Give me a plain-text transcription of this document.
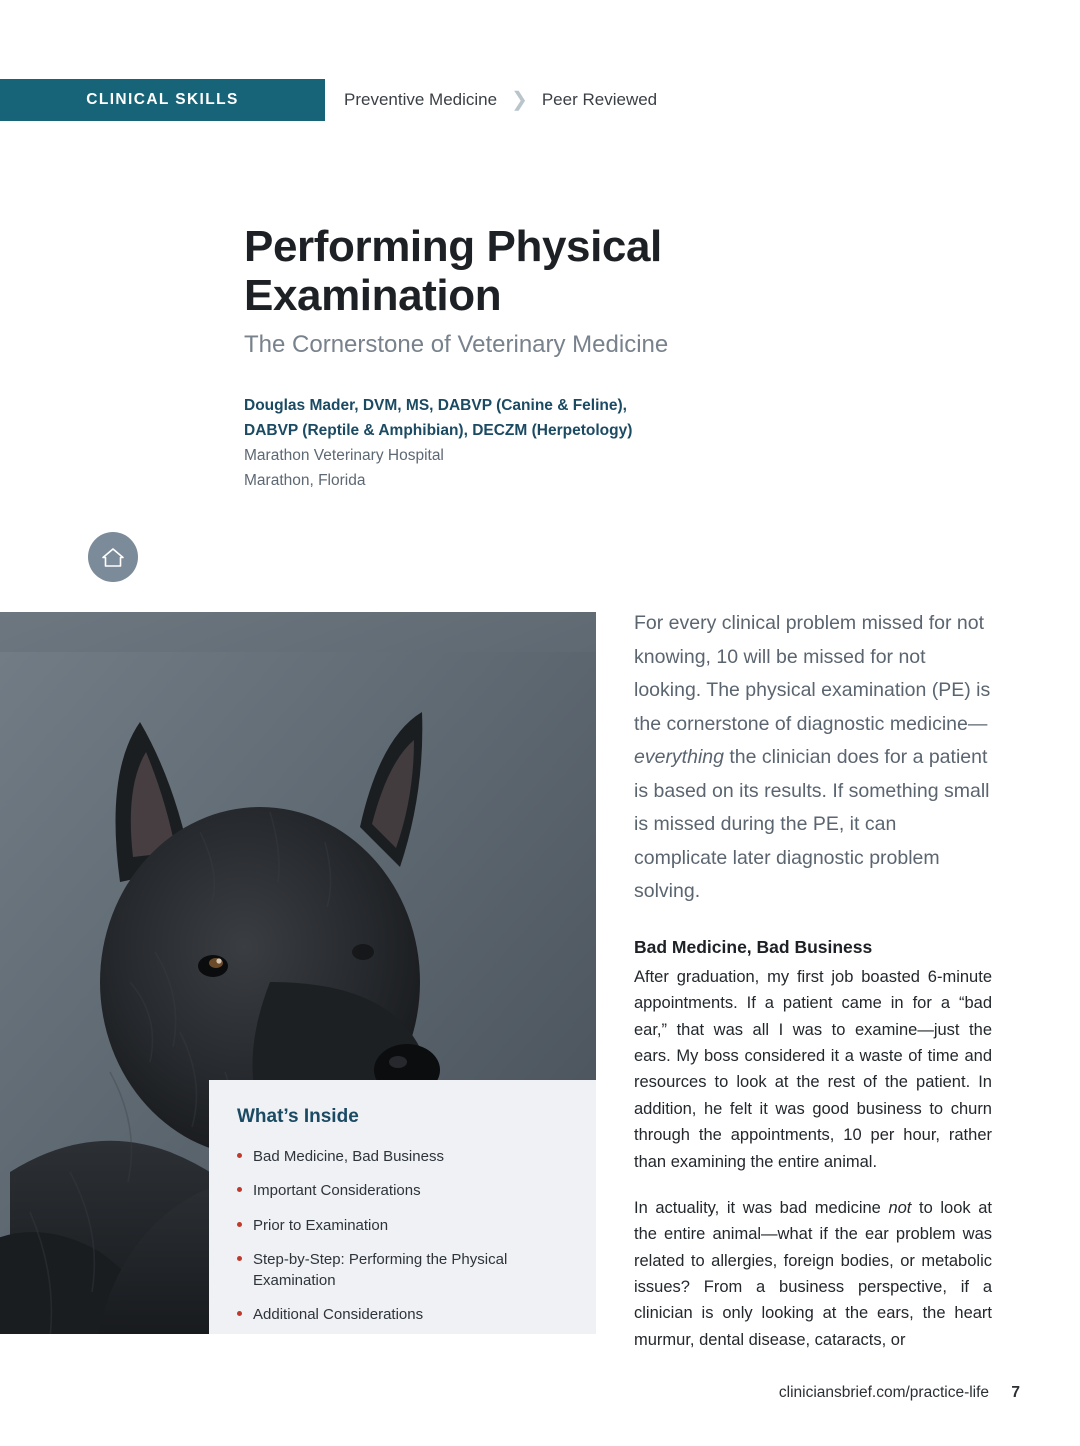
CLINICAL SKILLS	Preventive Medicine ❯ Peer Reviewed
Performing Physical Examination
The Cornerstone of Veterinary Medicine
Douglas Mader, DVM, MS, DABVP (Canine & Feline),
DABVP (Reptile & Amphibian), DECZM (Herpetology)
Marathon Veterinary Hospital
Marathon, Florida
What’s Inside
Bad Medicine, Bad Business
Important Considerations
Prior to Examination
Step-by-Step: Performing the Physical Examination
Additional Considerations

For every clinical problem missed for not knowing, 10 will be missed for not looking. The physical examination (PE) is the cornerstone of diagnostic medicine—everything the clinician does for a patient is based on its results. If something small is missed during the PE, it can complicate later diagnostic problem solving.

Bad Medicine, Bad Business

After graduation, my first job boasted 6-minute appointments. If a patient came in for a “bad ear,” that was all I was to examine—just the ears. My boss considered it a waste of time and resources to look at the rest of the patient. In addition, he felt it was good business to churn through the appointments, 10 per hour, rather than examining the entire animal.

In actuality, it was bad medicine not to look at the entire animal—what if the ear problem was related to allergies, foreign bodies, or metabolic issues? From a business perspective, if a clinician is only looking at the ears, the heart murmur, dental disease, cataracts, or

cliniciansbrief.com/practice-life 7
